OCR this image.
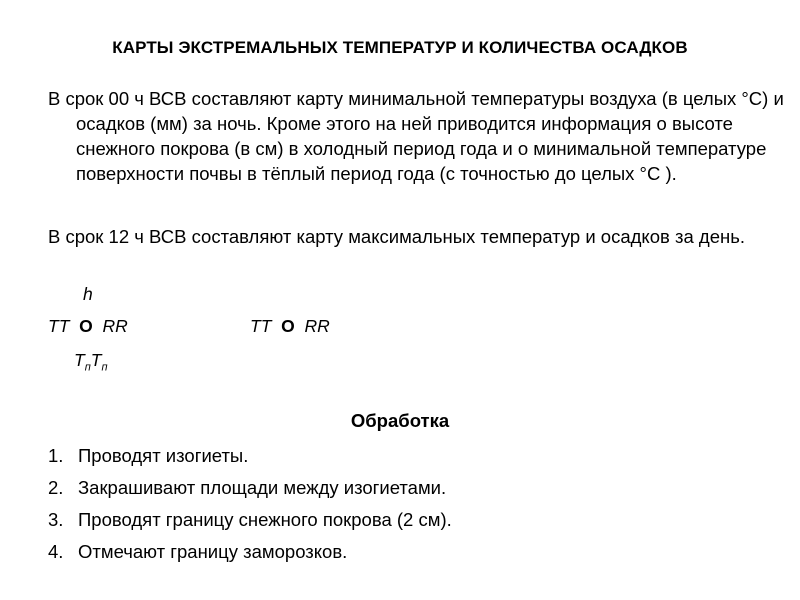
КАРТЫ ЭКСТРЕМАЛЬНЫХ ТЕМПЕРАТУР И КОЛИЧЕСТВА ОСАДКОВ
В срок 00 ч ВСВ составляют карту минимальной температуры воздуха (в целых °С) и осадков (мм) за ночь. Кроме этого на ней приводится информация о высоте снежного покрова (в см) в холодный период года и о минимальной температуре поверхности почвы в тёплый период года (с точностью до целых °С ).
В срок 12 ч ВСВ составляют карту максимальных температур и осадков за день.
h
TT O RR	TT O RR
$T_пT_п$
Обработка
1. Проводят изогиеты.
2. Закрашивают площади между изогиетами.
3. Проводят границу снежного покрова (2 см).
4. Отмечают границу заморозков.
